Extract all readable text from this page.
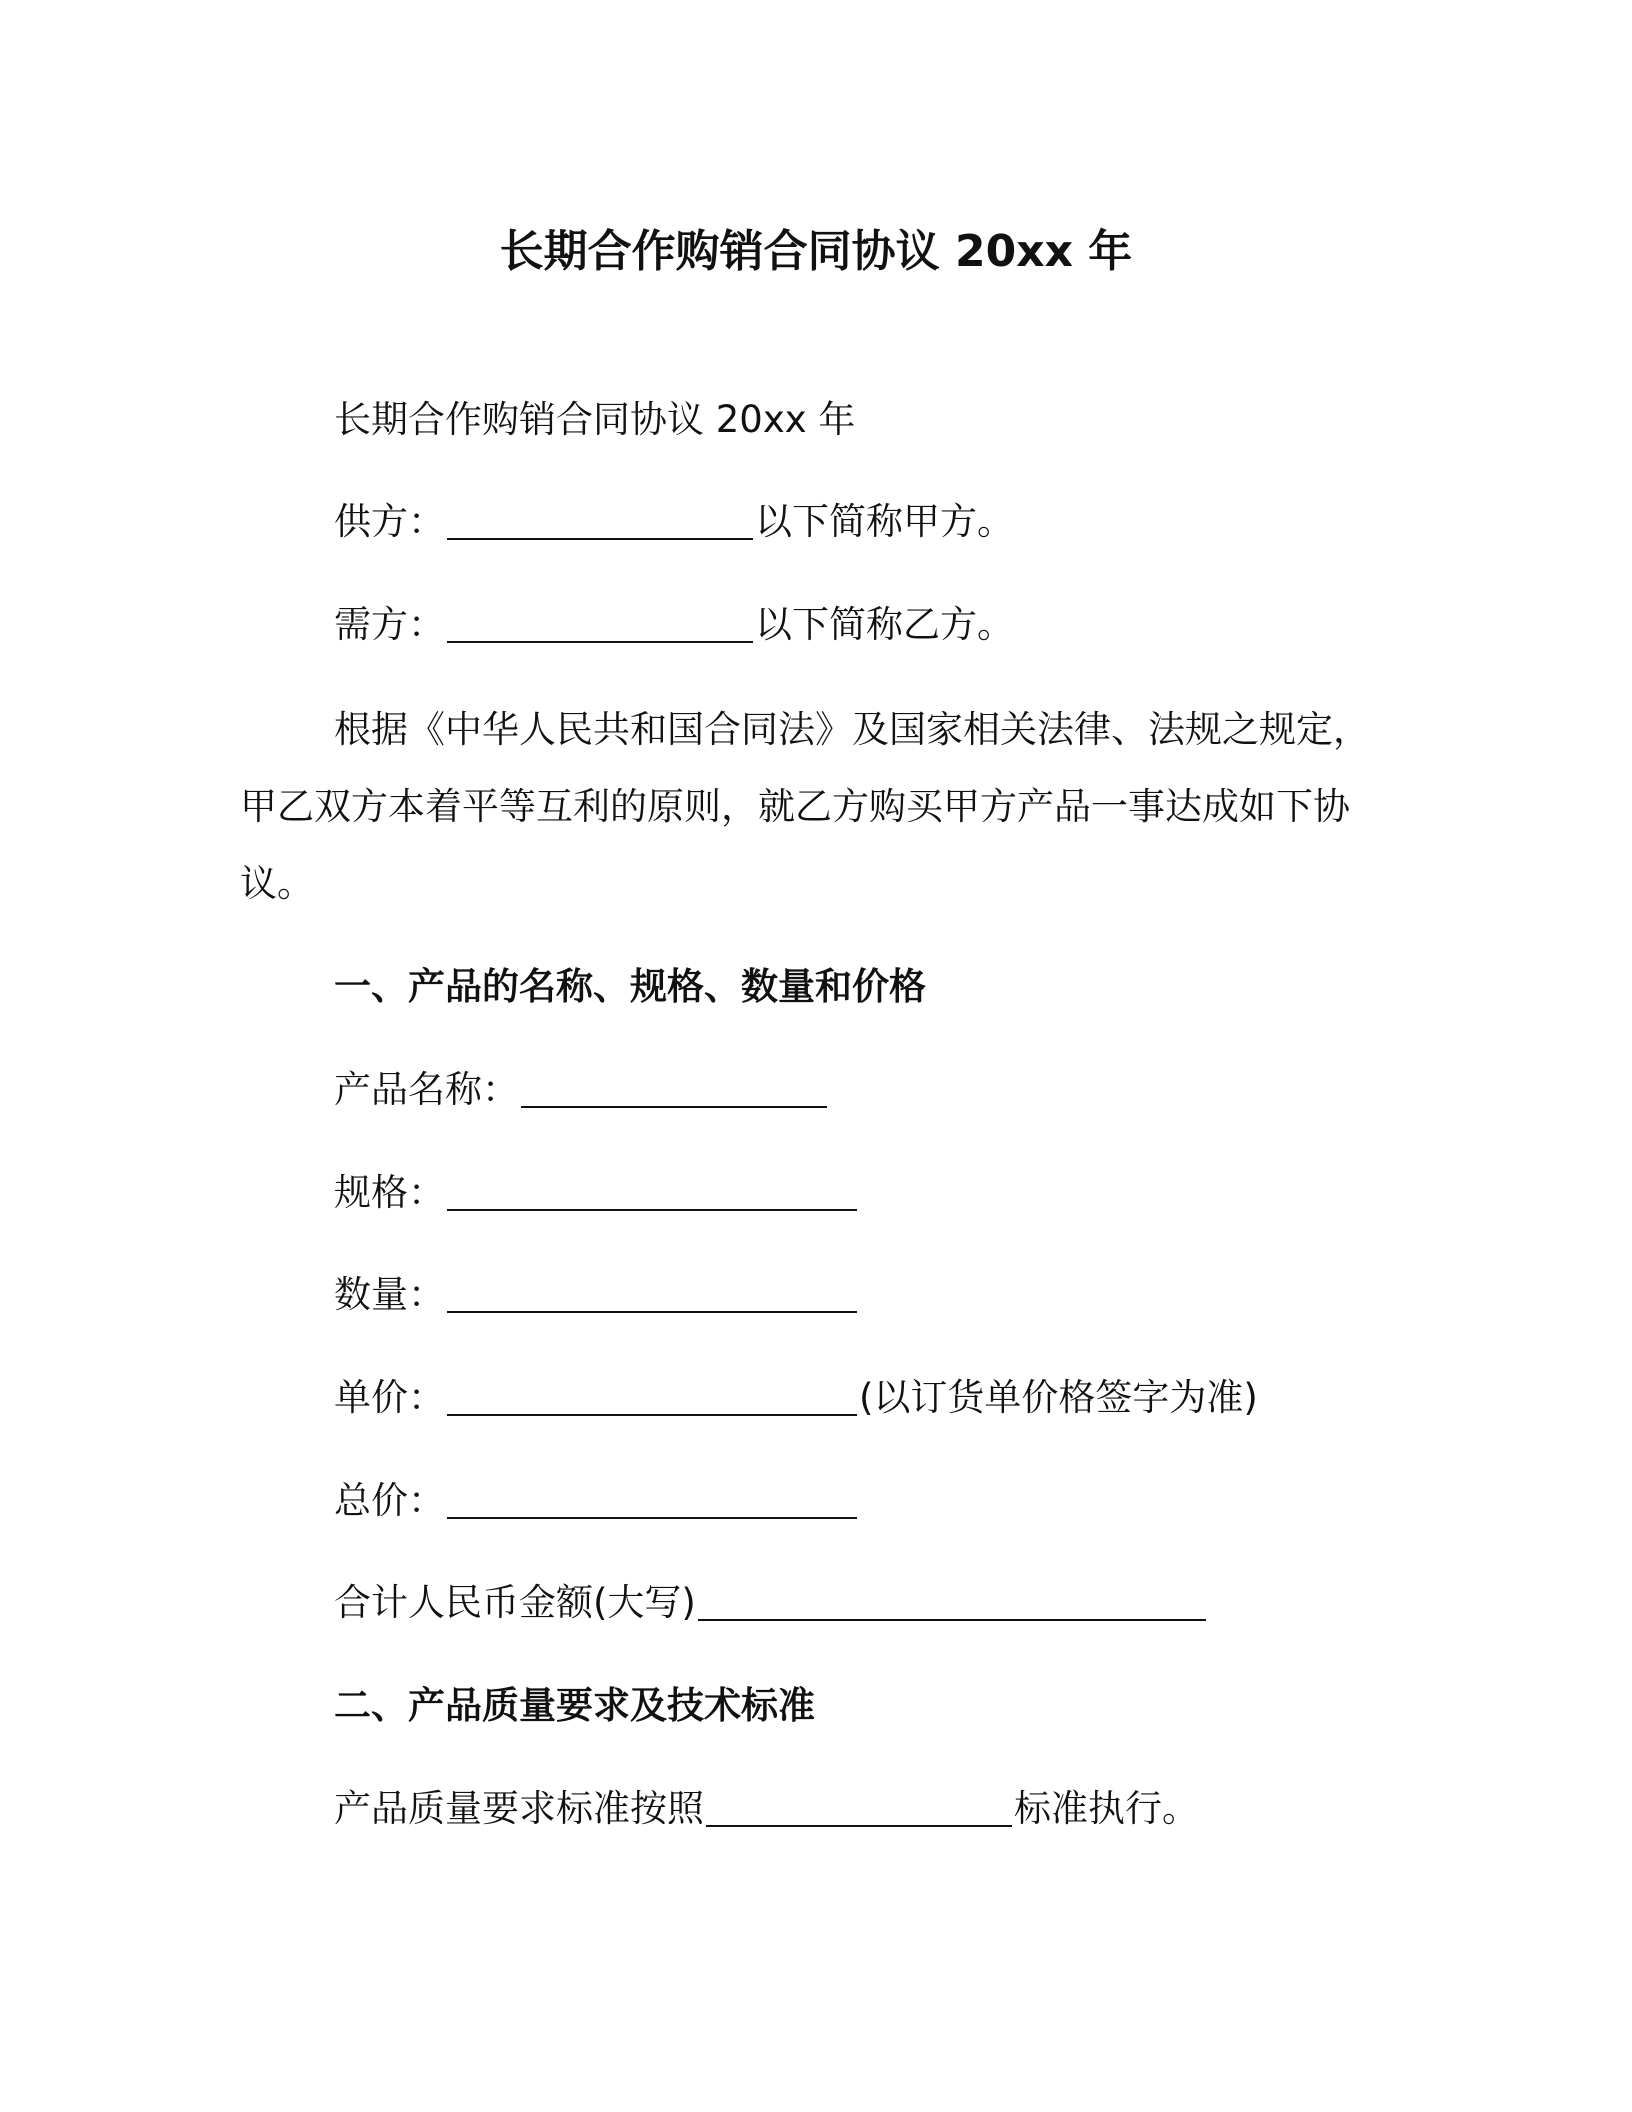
长期合作购销合同协议 20xx 年
长期合作购销合同协议 20xx 年
供方：	以下简称甲方。
需方：	以下简称乙方。

根据《中华人民共和国合同法》及国家相关法律、法规之规定，甲乙双方本着平等互利的原则，就乙方购买甲方产品一事达成如下协议。

一、产品的名称、规格、数量和价格
产品名称：
规格：
数量：
单价：	(以订货单价格签字为准)
总价：
合计人民币金额(大写)
二、产品质量要求及技术标准
产品质量要求标准按照	标准执行。
